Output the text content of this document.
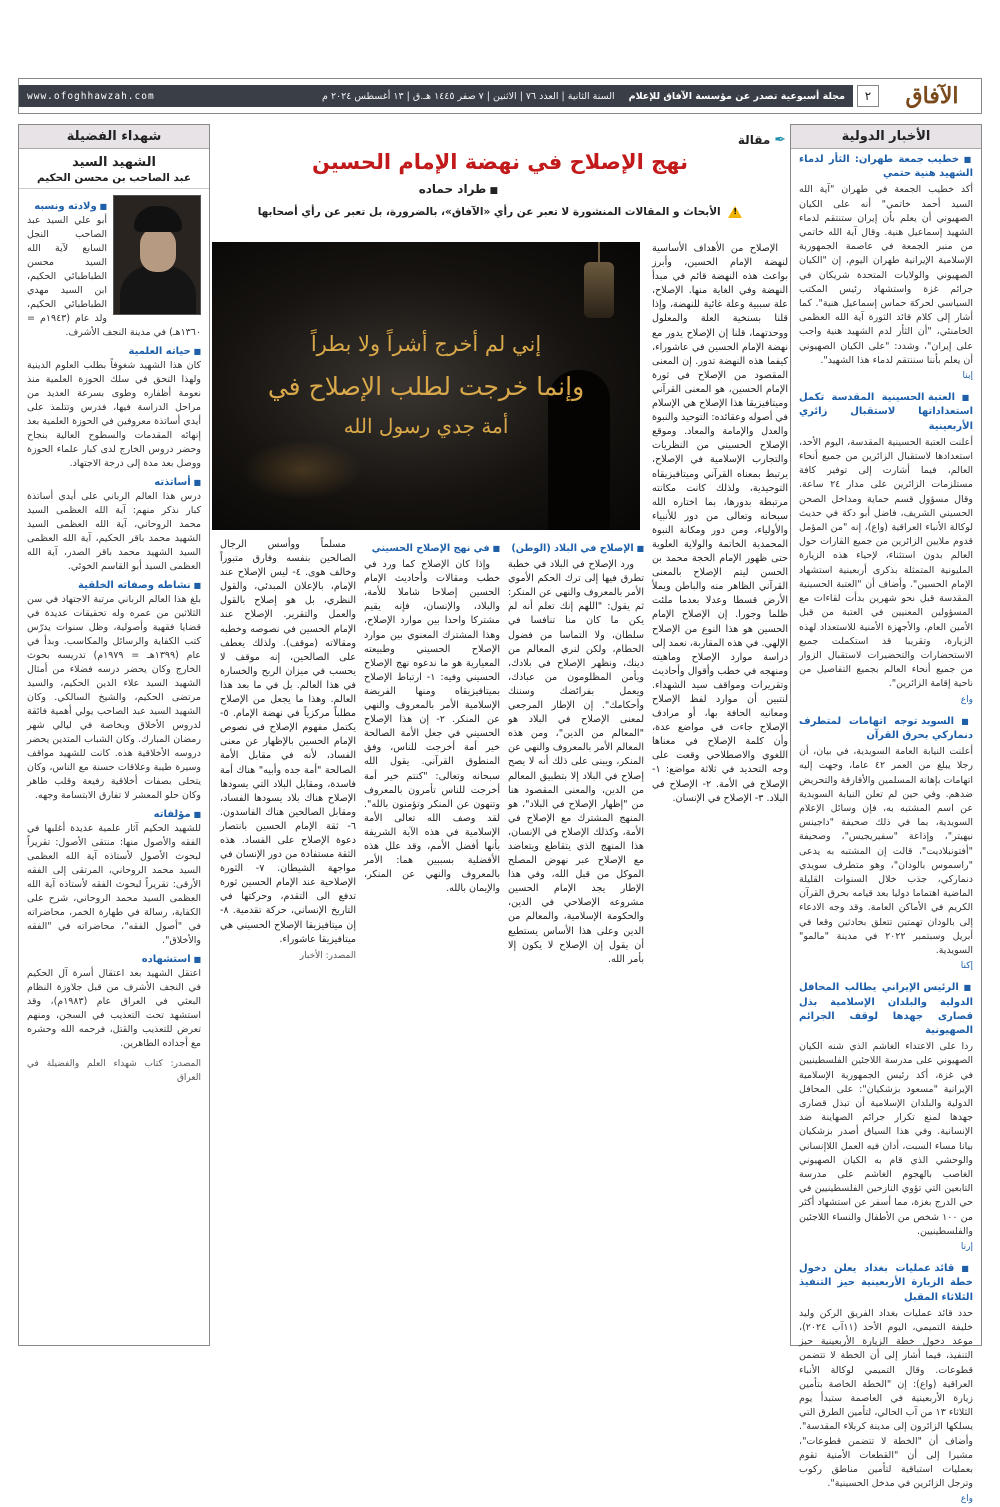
الآفاق
٢
مجلة أسبوعية تصدر عن مؤسسة الآفاق للإعلام
السنة الثانية | العدد ٧٦ | الاثنين | ٧ صفر ١٤٤٥ هـ.ق | ١٣ أغسطس ٢٠٢٤ م
www.ofoghhawzah.com
الأخبار الدولية
■ خطيب جمعة طهران: الثأر لدماء الشهيد هنية حتمي
أكد خطيب الجمعة في طهران "آية الله السيد أحمد خاتمي" أنه على الكيان الصهيوني أن يعلم بأن إيران ستنتقم لدماء الشهيد إسماعيل هنية. وقال آية الله خاتمي من منبر الجمعة في عاصمة الجمهورية الإسلامية الإيرانية طهران اليوم، إن "الكيان الصهيوني والولايات المتحدة شريكان في جرائم غزة واستشهاد رئيس المكتب السياسي لحركة حماس إسماعيل هنية". كما أشار إلى كلام قائد الثورة آية الله العظمى الخامنئي، "أن الثأر لدم الشهيد هنية واجب على إيران"، وشدد: "على الكيان الصهيوني أن يعلم بأننا سننتقم لدماء هذا الشهيد".
إبنا
■ العتبة الحسينية المقدسة تكمل استعداداتها لاستقبال زائري الأربعينية
أعلنت العتبة الحسينية المقدسة، اليوم الأحد، استعدادها لاستقبال الزائرين من جميع أنحاء العالم، فيما أشارت إلى توفير كافة مستلزمات الزائرين على مدار ٢٤ ساعة. وقال مسؤول قسم حماية ومداخل الصحن الحسيني الشريف، فاضل أبو دكة في حديث لوكالة الأنباء العراقية (واع)، إنه "من المؤمل قدوم ملايين الزائرين من جميع القارات حول العالم بدون استثناء، لإحياء هذه الزيارة المليونية المتمثلة بذكرى أربعينية استشهاد الإمام الحسين". وأضاف أن "العتبة الحسينية المقدسة قبل نحو شهرين بدأت لقاءات مع المسؤولين المعنيين في العتبة من قبل الأمين العام، والأجهزة الأمنية للاستعداد لهذه الزيارة، وتقريبا قد استكملت جميع الاستحضارات والتحضيرات لاستقبال الزوار من جميع أنحاء العالم بجميع التفاصيل من ناحية إقامة الزائرين".
واع
■ السويد توجه اتهامات لمتطرف دنماركي بحرق القرآن
أعلنت النيابة العامة السويدية، في بيان، أن رجلا يبلغ من العمر ٤٢ عاما، وجهت إليه اتهامات بإهانة المسلمين والأفارقة والتحريض ضدهم. وفي حين لم تعلن النيابة السويدية عن اسم المشتبه به، فإن وسائل الإعلام السويدية، بما في ذلك صحيفة "داجينس نيهيتر"، وإذاعة "سفيريجيس"، وصحيفة "أفتونبلاديت"، قالت إن المشتبه به يدعى "راسموس بالودان"، وهو متطرف سويدي دنماركي، جذب خلال السنوات القليلة الماضية اهتماما دوليا بعد قيامه بحرق القرآن الكريم في الأماكن العامة. وقد وجه الادعاء إلى بالودان تهمتين تتعلق بحادثين وقعا في أبريل وسبتمبر ٢٠٢٢ في مدينة "مالمو" السويدية.
إكنا
■ الرئيس الإيراني يطالب المحافل الدولية والبلدان الإسلامية بذل قصارى جهدها لوقف الجرائم الصهيونية
ردا على الاعتداء الغاشم الذي شنه الكيان الصهيوني على مدرسة اللاجئين الفلسطينيين في غزة، أكد رئيس الجمهورية الإسلامية الإيرانية "مسعود بزشكيان": على المحافل الدولية والبلدان الإسلامية أن تبذل قصارى جهدها لمنع تكرار جرائم الصهاينة ضد الإنسانية. وفي هذا السياق أصدر بزشكيان بيانا مساء السبت، أدان فيه العمل اللاإنساني والوحشي الذي قام به الكيان الصهيوني الغاصب بالهجوم الغاشم على مدرسة التابعين التي تؤوي النازحين الفلسطينيين في حي الدرج بغزة، مما أسفر عن استشهاد أكثر من ١٠٠ شخص من الأطفال والنساء اللاجئين والفلسطينيين.
إرنا
■ قائد عمليات بغداد يعلن دخول خطة الزيارة الأربعينية حيز التنفيذ الثلاثاء المقبل
حدد قائد عمليات بغداد الفريق الركن وليد خليفة التميمي، اليوم الأحد (١١آب ٢٠٢٤)، موعد دخول خطة الزيارة الأربعينية حيز التنفيذ، فيما أشار إلى أن الخطة لا تتضمن قطوعات. وقال التميمي لوكالة الأنباء العراقية (واع): إن "الخطة الخاصة بتأمين زيارة الأربعينية في العاصمة ستبدأ يوم الثلاثاء ١٣ من آب الحالي، لتأمين الطرق التي يسلكها الزائرون إلى مدينة كربلاء المقدسة". وأضاف أن "الخطة لا تتضمن قطوعات"، مشيرا إلى أن "القطعات الأمنية تقوم بعمليات استباقية لتأمين مناطق ركوب وترجل الزائرين في مدخل الحسينية".
واع
شهداء الفضيلة
الشهيد السيد
عبد الصاحب بن محسن الحكيم
■ ولادته ونسبه
أبو علي السيد عبد الصاحب النجل السابع لآية الله السيد محسن الطباطبائي الحكيم، ابن السيد مهدي الطباطبائي الحكيم، ولد عام (١٩٤٣م = ١٣٦٠هـ) في مدينة النجف الأشرف.
■ حياته العلمية
كان هذا الشهيد شغوفاً بطلب العلوم الدينية ولهذا التحق في سلك الحوزة العلمية منذ نعومة أظفاره وطوى بسرعة العديد من مراحل الدراسة فيها، فدرس وتتلمذ على أيدي أساتذة معروفين في الحوزة العلمية بعد إنهائه المقدمات والسطوح العالية بنجاح وحضر دروس الخارج لدى كبار علماء الحوزة ووصل بعد مدة إلى درجة الاجتهاد.
■ أساتذته
درس هذا العالم الرباني على أيدي أساتذة كبار نذكر منهم: آية الله العظمى السيد محمد الروحاني، آية الله العظمى السيد الشهيد محمد باقر الحكيم، آية الله العظمى السيد الشهيد محمد باقر الصدر، آية الله العظمى السيد أبو القاسم الخوئي.
■ نشاطه وصفاته الخلقية
بلغ هذا العالم الرباني مرتبة الاجتهاد في سن الثلاثين من عمره وله تحقيقات عديدة في قضايا فقهية وأصولية، وظل سنوات يدرّس كتب الكفاية والرسائل والمكاسب. وبدأ في عام (١٣٩٩هـ = ١٩٧٩م) تدريسه بحوث الخارج وكان يحضر درسه فضلاء من أمثال الشهيد السيد علاء الدين الحكيم، والسيد مرتضى الحكيم، والشيخ السالكي. وكان الشهيد السيد عبد الصاحب يولي أهمية فائقة لدروس الأخلاق وبخاصة في ليالي شهر رمضان المبارك. وكان الشباب المتدين يحضر دروسه الأخلاقية هذه. كانت للشهيد مواقف وسيرة طيبة وعلاقات حسنة مع الناس، وكان يتحلى بصفات أخلاقية رفيعة وقلب طاهر وكان حلو المعشر لا تفارق الابتسامة وجهه.
■ مؤلفاته
للشهيد الحكيم آثار علمية عديدة أغلبها في الفقه والأصول منها: منتقى الأصول: تقريراً لبحوث الأصول لأستاذه آية الله العظمى السيد محمد الروحاني، المرتقى إلى الفقه الأرقى: تقريراً لبحوث الفقه لأستاذه آية الله العظمى السيد محمد الروحاني، شرح على الكفاية، رسالة في طهارة الخمر، محاضراته في "أصول الفقه"، محاضراته في "الفقه والأخلاق".
■ استشهاده
اعتقل الشهيد بعد اعتقال أسرة آل الحكيم في النجف الأشرف من قبل جلاوزة النظام البعثي في العراق عام (١٩٨٣م)، وقد استشهد تحت التعذيب في السجن، ومنهم تعرض للتعذيب والقتل، فرحمه الله وحشره مع أجداده الطاهرين.
المصدر: كتاب شهداء العلم والفضيلة في العراق
✒
مقالة
نهج الإصلاح في نهضة الإمام الحسين
■ طراد حماده
! الأبحاث و المقالات المنشورة لا تعبر عن رأي «الآفاق»، بالضرورة، بل تعبر عن رأي أصحابها

الإصلاح من الأهداف الأساسية لنهضة الإمام الحسين، وأبرز بواعث هذه النهضة قائم في مبدأ النهضة وفي الغاية منها. الإصلاح، علة سببية وعلة غائية للنهضة، وإذا قلنا بسنخية العلة والمعلول ووحدتهما، قلنا إن الإصلاح يدور مع نهضة الإمام الحسين في عاشوراء، كيفما هذه النهضة تدور. إن المعنى المقصود من الإصلاح في ثورة الإمام الحسين، هو المعنى القرآني وميتافيزيقا هذا الإصلاح هي الإسلام في أصوله وعقائده: التوحيد والنبوة والعدل والإمامة والمعاد. وموقع الإصلاح الحسيني من النظريات والتجارب الإسلامية في الإصلاح، يرتبط بمعناه القرآني وميتافيزيقاه التوحيدية، ولذلك كانت مكانته مرتبطة بدورها، بما اختاره الله سبحانه وتعالى من دور للأنبياء والأولياء، ومن دور ومكانة النبوة المحمدية الخاتمة والولاية العلوية حتى ظهور الإمام الحجة محمد بن الحسن ليتم الإصلاح بالمعنى القرآني الظاهر منه والباطن ويملأ الأرض قسطا وعدلا بعدما ملئت ظلما وجورا. إن الإصلاح الإمام الحسين هو هذا النوع من الإصلاح الإلهي. في هذه المقاربة، نعمد إلى دراسة موارد الإصلاح وماهيته ومنهجه في خطب وأقوال وأحاديث وتقريرات ومواقف سيد الشهداء. لنتبين أن موارد لفظ الإصلاح ومعانيه الحافة بها، أو مرادف الإصلاح جاءت في مواضع عدة، وأن كلمة الإصلاح في معناها اللغوي والاصطلاحي وقعت على وجه التحديد في ثلاثة مواضع: ١- الإصلاح في الأمة. ٢- الإصلاح في البلاد. ٣- الإصلاح في الإنسان.

إني لم أخرج أشراً ولا بطراً
وإنما خرجت لطلب الإصلاح في
أمة جدي رسول الله
■ الإصلاح في البلاد (الوطن)

ورد الإصلاح في البلاد في خطبة تطرق فيها إلى ترك الحكم الأموي الأمر بالمعروف والنهي عن المنكر: ثم يقول: "اللهم إنك تعلم أنه لم يكن ما كان منا تنافسا في سلطان، ولا التماسا من فضول الحطام، ولكن لنري المعالم من دينك، ونظهر الإصلاح في بلادك، ويأمن المظلومون من عبادك، ويعمل بفرائضك وسننك وأحكامك". إن الإطار المرجعي لمعنى الإصلاح في البلاد هو "المعالم من الدين"، ومن هذه المعالم الأمر بالمعروف والنهي عن المنكر، ويبنى على ذلك أنه لا يصح إصلاح في البلاد إلا بتطبيق المعالم من الدين، والمعنى المقصود هنا من "إظهار الإصلاح في البلاد"، هو المنهج المشترك مع الإصلاح في الأمة، وكذلك الإصلاح في الإنسان، هذا المنهج الذي يتقاطع ويتعاضد مع الإصلاح عبر نهوض المصلح الموكل من قبل الله، وفي هذا الإطار يجد الإمام الحسين مشروعه الإصلاحي في الدين، والحكومة الإسلامية، والمعالم من الدين وعلى هذا الأساس يستطيع أن يقول إن الإصلاح لا يكون إلا بأمر الله.

■ في نهج الإصلاح الحسيني

وإذا كان الإصلاح كما ورد في خطب ومقالات وأحاديث الإمام الحسين إصلاحا شاملا للأمة، والبلاد، والإنسان، فإنه يقيم مشتركا واحدا بين موارد الإصلاح، وهذا المشترك المعنوي بين موارد الإصلاح الحسيني وطبيعته المعيارية هو ما ندعوه نهج الإصلاح الحسيني وفيه: ١- ارتباط الإصلاح بميتافيزيقاه ومنها الفريضة الإسلامية الأمر بالمعروف والنهي عن المنكر. ٢- إن هذا الإصلاح الحسيني في جعل الأمة الصالحة خير أمة أخرجت للناس، وفق المنطوق القرآني. يقول الله سبحانه وتعالى: "كنتم خير أمة أخرجت للناس تأمرون بالمعروف وتنهون عن المنكر وتؤمنون بالله". لقد وصف الله تعالى الأمة الإسلامية في هذه الآية الشريفة بأنها أفضل الأمم، وقد علل هذه الأفضلية بسببين هما: الأمر بالمعروف والنهي عن المنكر، والإيمان بالله.

مسلماً ووأسس الرجال الصالحين بنفسه وفارق متبوراً وخالف هوى. ٤- ليس الإصلاح عند الإمام، بالإعلان المبدئي، والقول النظري، بل هو إصلاح بالقول والعمل والتقرير. الإصلاح عند الإمام الحسين في نصوصه وخطبه ومقالاته (موقف). ولذلك يعطف على الصالحين، إنه موقف لا يحسب في ميزان الربح والخسارة في هذا العالم. بل في ما بعد هذا العالم. وهذا ما يجعل من الإصلاح مطلباً مركزياً في نهضة الإمام. ٥- يكتمل مفهوم الإصلاح في نصوص الإمام الحسين بالإظهار عن معنى الفساد، لأنه في مقابل الأمة الصالحة "أمة جده وأبيه" هناك أمة فاسدة، ومقابل البلاد التي يسودها الإصلاح هناك بلاد يسودها الفساد، ومقابل الصالحين هناك الفاسدون. ٦- ثقة الإمام الحسين بانتصار دعوة الإصلاح على الفساد. هذه الثقة مستفادة من دور الإنسان في مواجهة الشيطان. ٧- الثورة الإصلاحية عند الإمام الحسين ثورة تدفع الى التقدم، وحركتها في التاريخ الإنساني، حركة تقدمية. ٨- إن ميتافيزيقا الإصلاح الحسيني هي ميتافيزيقا عاشوراء.

المصدر: الأخبار
